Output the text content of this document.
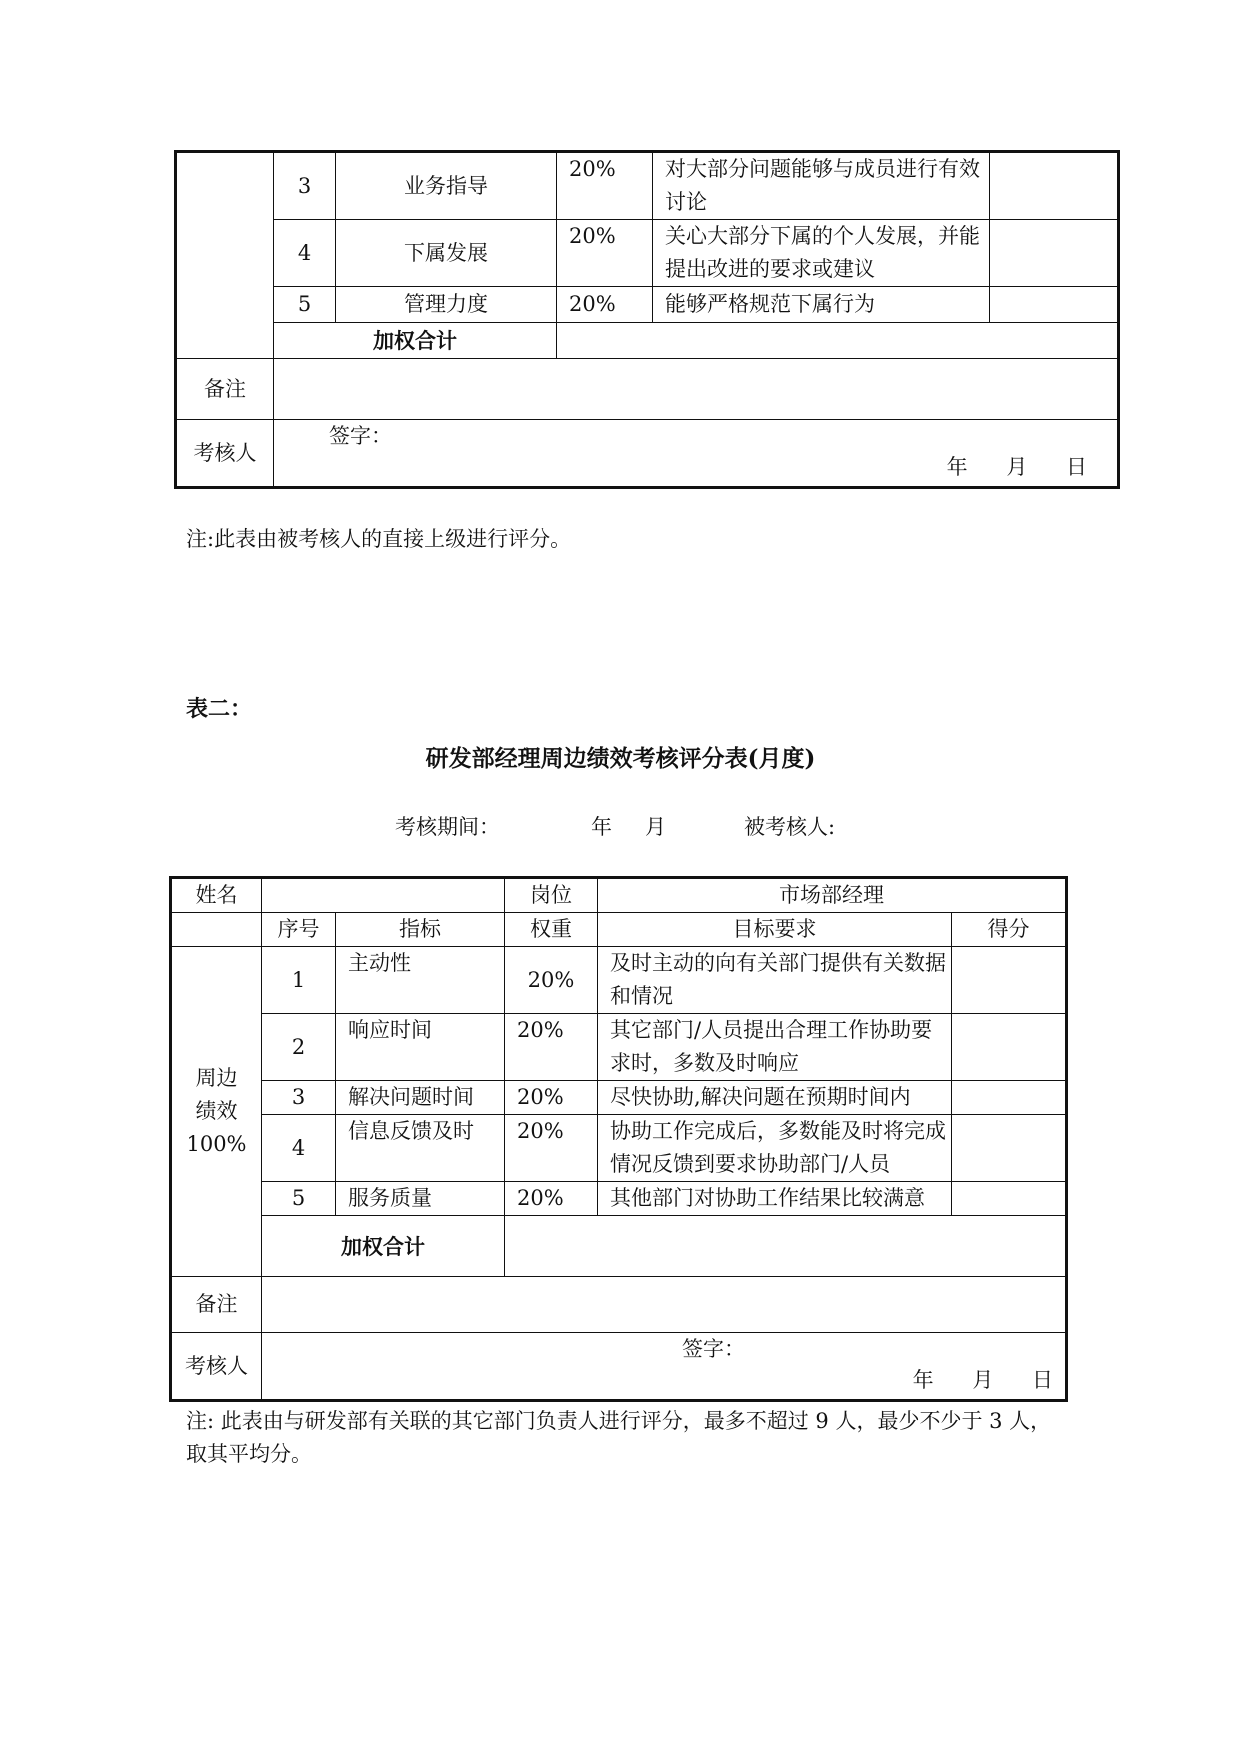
	3	业务指导	20%	对大部分问题能够与成员进行有效讨论	
	4	下属发展	20%	关心大部分下属的个人发展，并能提出改进的要求或建议	
	5	管理力度	20%	能够严格规范下属行为	
	加权合计				
备注					
考核人	签字：
年 月 日				
注:此表由被考核人的直接上级进行评分。
表二：
研发部经理周边绩效考核评分表(月度)
考核期间：	年 月	被考核人:
姓名			岗位	市场部经理	
	序号	指标	权重	目标要求	得分

周边
绩效
100%	1	主动性	20%	及时主动的向有关部门提供有关数据和情况	
	2	响应时间	20%	其它部门/人员提出合理工作协助要求时，多数及时响应	
	3	解决问题时间	20%	尽快协助,解决问题在预期时间内	
	4	信息反馈及时	20%	协助工作完成后，多数能及时将完成情况反馈到要求协助部门/人员	
	5	服务质量	20%	其他部门对协助工作结果比较满意	
	加权合计				
备注					
考核人	签字：
年 月 日				
注: 此表由与研发部有关联的其它部门负责人进行评分，最多不超过 9 人，最少不少于 3 人，取其平均分。
